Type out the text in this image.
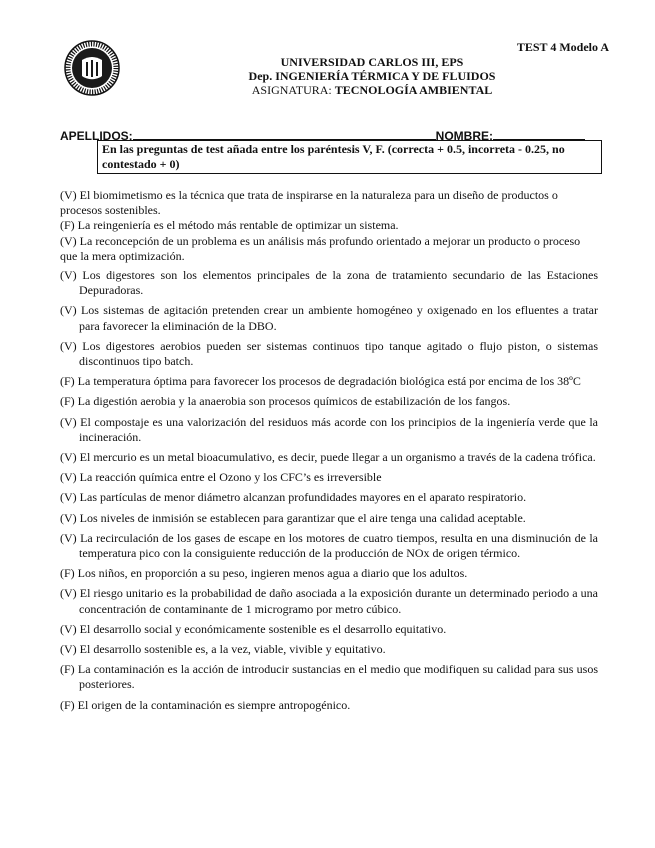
TEST 4 Modelo A
UNIVERSIDAD CARLOS III, EPS
Dep. INGENIERÍA TÉRMICA Y DE FLUIDOS
ASIGNATURA: TECNOLOGÍA AMBIENTAL
APELLIDOS:	NOMBRE:
En las preguntas de test añada entre los paréntesis V, F. (correcta + 0.5, incorreta - 0.25, no contestado + 0)

(V) El biomimetismo es la técnica que trata de inspirarse en la naturaleza para un diseño de productos o procesos sostenibles.

(F) La reingeniería es el método más rentable de optimizar un sistema.

(V) La reconcepción de un problema es un análisis más profundo orientado a mejorar un producto o proceso que la mera optimización.

(V) Los digestores son los elementos principales de la zona de tratamiento secundario de las Estaciones Depuradoras.

(V) Los sistemas de agitación pretenden crear un ambiente homogéneo y oxigenado en los efluentes a tratar para favorecer la eliminación de la DBO.

(V) Los digestores aerobios pueden ser sistemas continuos tipo tanque agitado o flujo piston, o sistemas discontinuos tipo batch.

(F) La temperatura óptima para favorecer los procesos de degradación biológica está por encima de los 38ºC

(F) La digestión aerobia y la anaerobia son procesos químicos de estabilización de los fangos.

(V) El compostaje es una valorización del residuos más acorde con los principios de la ingeniería verde que la incineración.

(V) El mercurio es un metal bioacumulativo, es decir, puede llegar a un organismo a través de la cadena trófica.

(V) La reacción química entre el Ozono y los CFC’s es irreversible

(V) Las partículas de menor diámetro alcanzan profundidades mayores en el aparato respiratorio.

(V) Los niveles de inmisión se establecen para garantizar que el aire tenga una calidad aceptable.

(V) La recirculación de los gases de escape en los motores de cuatro tiempos, resulta en una disminución de la temperatura pico con la consiguiente reducción de la producción de NOx de origen térmico.

(F) Los niños, en proporción a su peso, ingieren menos agua a diario que los adultos.

(V) El riesgo unitario es la probabilidad de daño asociada a la exposición durante un determinado periodo a una concentración de contaminante de 1 microgramo por metro cúbico.

(V) El desarrollo social y económicamente sostenible es el desarrollo equitativo.

(V) El desarrollo sostenible es, a la vez, viable, vivible y equitativo.

(F) La contaminación es la acción de introducir sustancias en el medio que modifiquen su calidad para sus usos posteriores.

(F) El origen de la contaminación es siempre antropogénico.
